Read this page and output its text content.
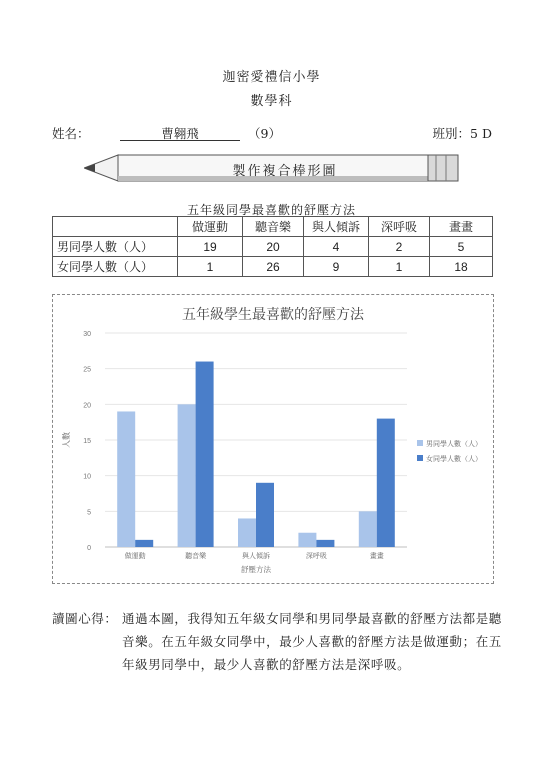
迦密愛禮信小學
數學科
姓名：	曹翱飛	（9）	班別：5 D
製作複合棒形圖
五年級同學最喜歡的舒壓方法
	做運動	聽音樂	與人傾訴	深呼吸	畫畫
男同學人數（人）	19	20	4	2	5
女同學人數（人）	1	26	9	1	18
五年級學生最喜歡的舒壓方法
0
5
10
15
20
25
30
人數
做運動	聽音樂	與人傾訴	深呼吸	畫畫
舒壓方法
男同學人數（人）
女同學人數（人）
讀圖心得： 通過本圖，我得知五年級女同學和男同學最喜歡的舒壓方法都是聽音樂。在五年級女同學中，最少人喜歡的舒壓方法是做運動；在五年級男同學中，最少人喜歡的舒壓方法是深呼吸。
